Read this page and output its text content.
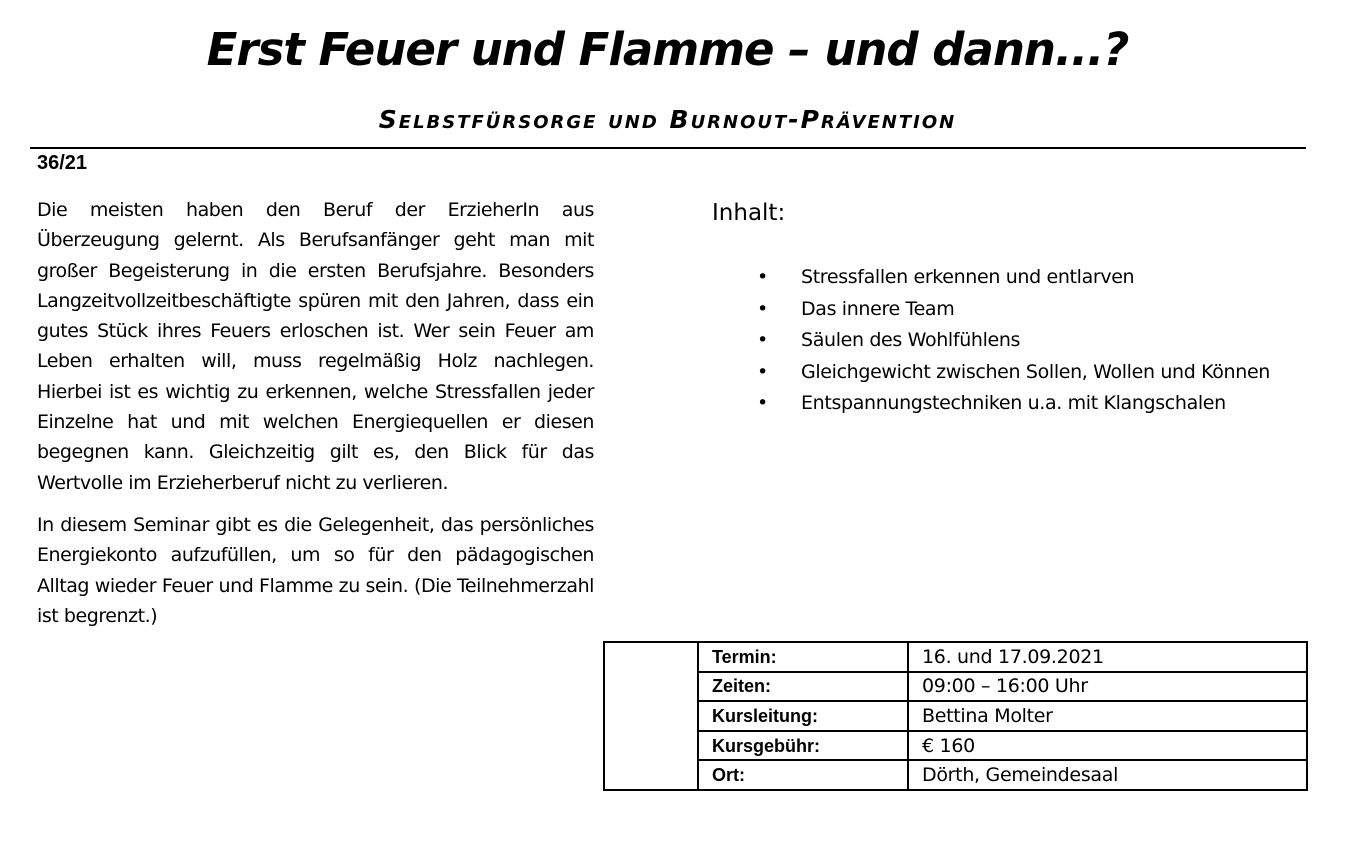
Erst Feuer und Flamme – und dann...?
Selbstfürsorge und Burnout-Prävention
36/21

Die meisten haben den Beruf der ErzieherIn aus Überzeugung gelernt. Als Berufsanfänger geht man mit großer Begeisterung in die ersten Berufsjahre. Besonders Langzeitvollzeitbeschäftigte spüren mit den Jahren, dass ein gutes Stück ihres Feuers erloschen ist. Wer sein Feuer am Leben erhalten will, muss regelmäßig Holz nachlegen. Hierbei ist es wichtig zu erkennen, welche Stressfallen jeder Einzelne hat und mit welchen Energiequellen er diesen begegnen kann. Gleichzeitig gilt es, den Blick für das Wertvolle im Erzieherberuf nicht zu verlieren.

In diesem Seminar gibt es die Gelegenheit, das persönliches Energiekonto aufzufüllen, um so für den pädagogischen Alltag wieder Feuer und Flamme zu sein. (Die Teilnehmerzahl ist begrenzt.)

Inhalt:
• Stressfallen erkennen und entlarven
• Das innere Team
• Säulen des Wohlfühlens
• Gleichgewicht zwischen Sollen, Wollen und Können
• Entspannungstechniken u.a. mit Klangschalen
	Termin:	16. und 17.09.2021
	Zeiten:	09:00 – 16:00 Uhr
	Kursleitung:	Bettina Molter
	Kursgebühr:	€ 160
	Ort:	Dörth, Gemeindesaal
